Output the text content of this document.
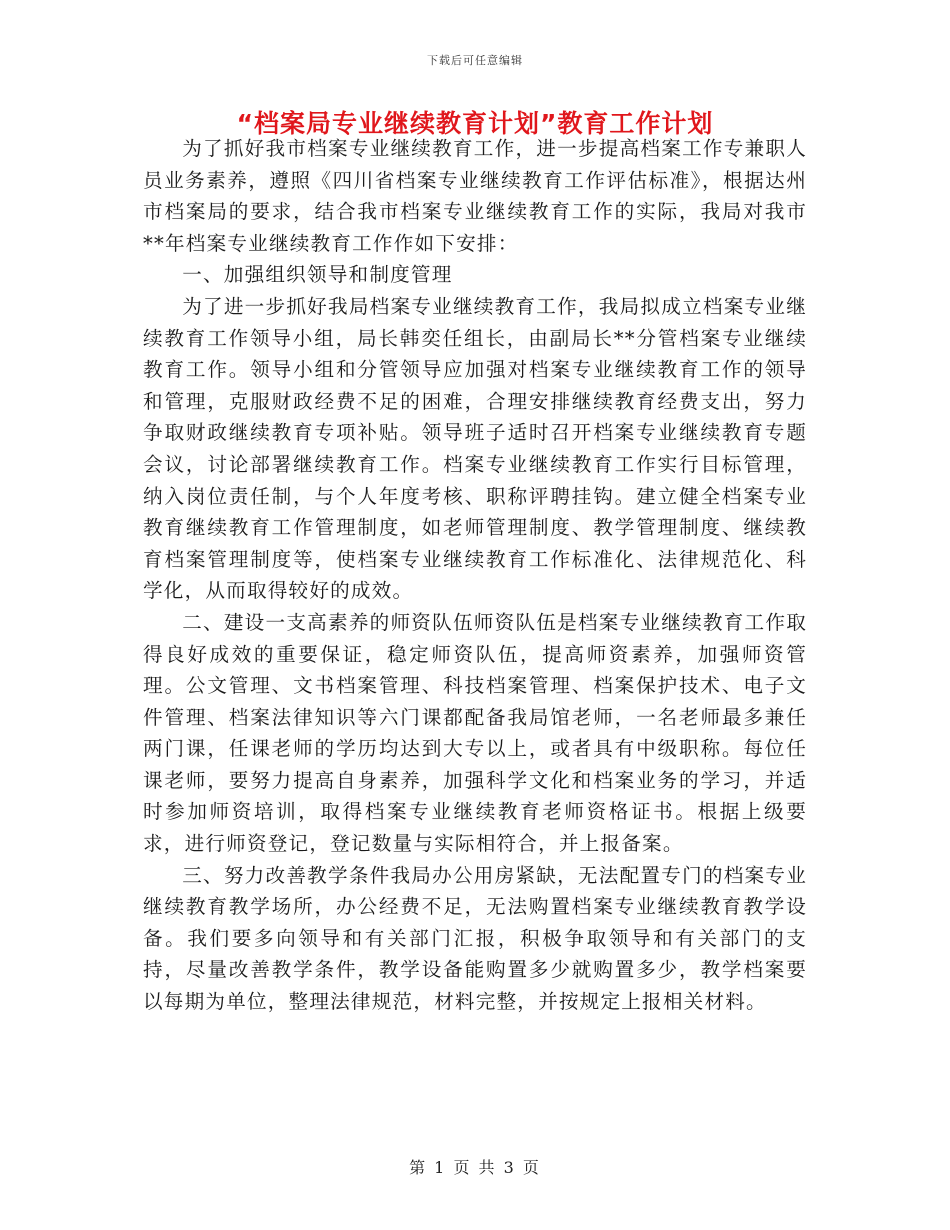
下载后可任意编辑
“档案局专业继续教育计划”教育工作计划

为了抓好我市档案专业继续教育工作，进一步提高档案工作专兼职人员业务素养，遵照《四川省档案专业继续教育工作评估标准》，根据达州市档案局的要求，结合我市档案专业继续教育工作的实际，我局对我市**年档案专业继续教育工作作如下安排：

一、加强组织领导和制度管理

为了进一步抓好我局档案专业继续教育工作，我局拟成立档案专业继续教育工作领导小组，局长韩奕任组长，由副局长**分管档案专业继续教育工作。领导小组和分管领导应加强对档案专业继续教育工作的领导和管理，克服财政经费不足的困难，合理安排继续教育经费支出，努力争取财政继续教育专项补贴。领导班子适时召开档案专业继续教育专题会议，讨论部署继续教育工作。档案专业继续教育工作实行目标管理，纳入岗位责任制，与个人年度考核、职称评聘挂钩。建立健全档案专业教育继续教育工作管理制度，如老师管理制度、教学管理制度、继续教育档案管理制度等，使档案专业继续教育工作标准化、法律规范化、科学化，从而取得较好的成效。

二、建设一支高素养的师资队伍师资队伍是档案专业继续教育工作取得良好成效的重要保证，稳定师资队伍，提高师资素养，加强师资管理。公文管理、文书档案管理、科技档案管理、档案保护技术、电子文件管理、档案法律知识等六门课都配备我局馆老师，一名老师最多兼任两门课，任课老师的学历均达到大专以上，或者具有中级职称。每位任课老师，要努力提高自身素养，加强科学文化和档案业务的学习，并适时参加师资培训，取得档案专业继续教育老师资格证书。根据上级要求，进行师资登记，登记数量与实际相符合，并上报备案。

三、努力改善教学条件我局办公用房紧缺，无法配置专门的档案专业继续教育教学场所，办公经费不足，无法购置档案专业继续教育教学设备。我们要多向领导和有关部门汇报，积极争取领导和有关部门的支持，尽量改善教学条件，教学设备能购置多少就购置多少，教学档案要以每期为单位，整理法律规范，材料完整，并按规定上报相关材料。

第 1 页 共 3 页
